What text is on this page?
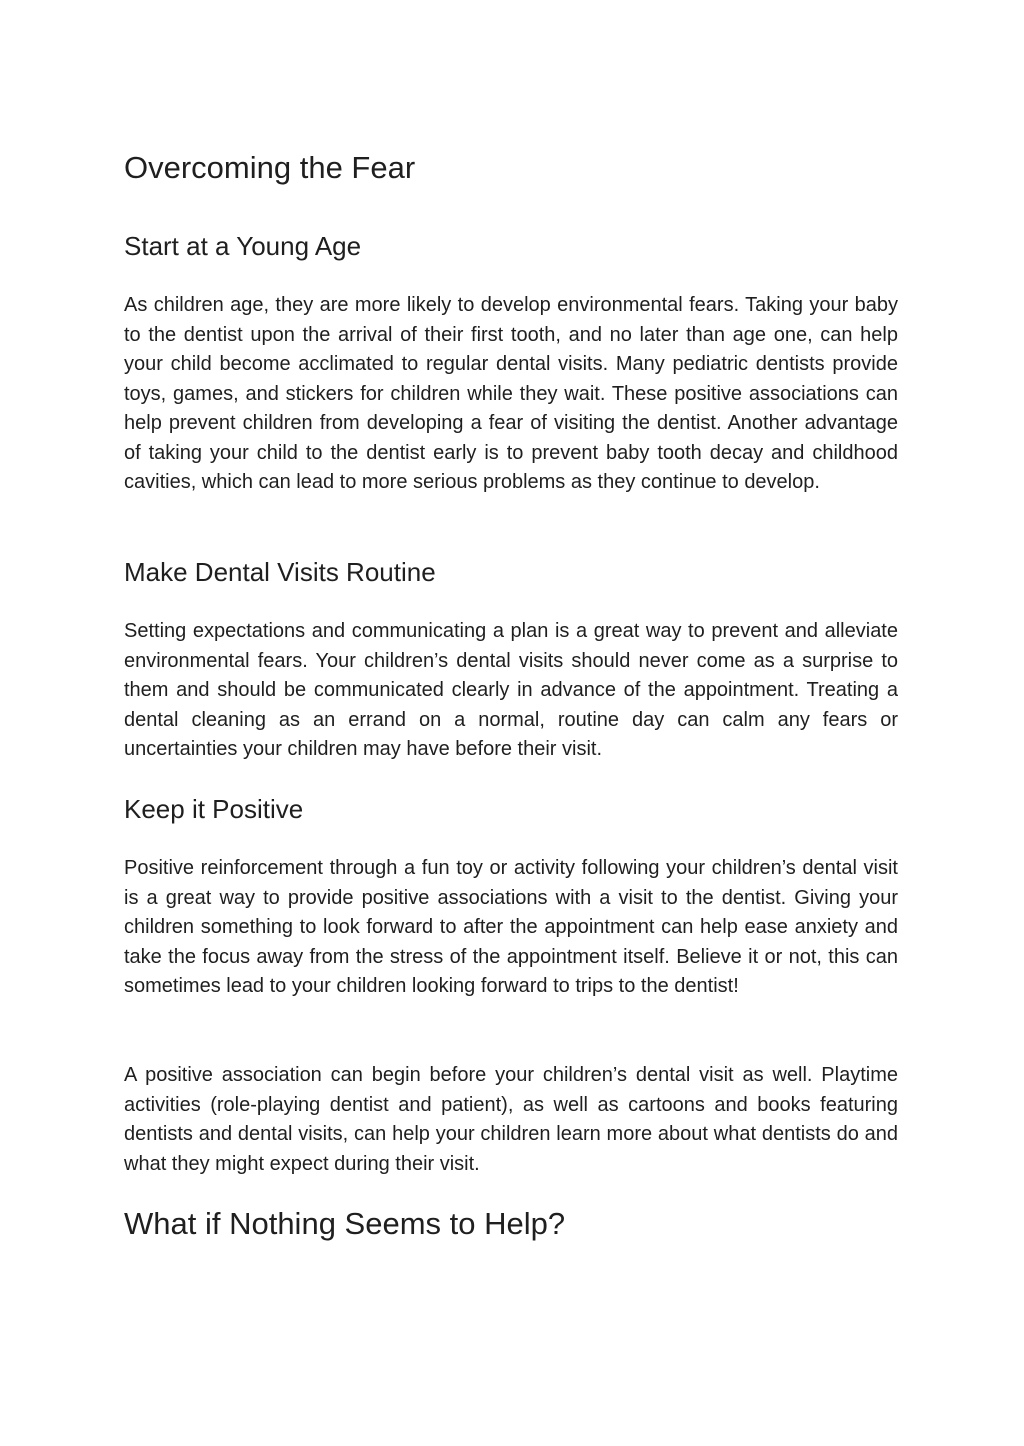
Overcoming the Fear
Start at a Young Age

As children age, they are more likely to develop environmental fears. Taking your baby to the dentist upon the arrival of their first tooth, and no later than age one, can help your child become acclimated to regular dental visits. Many pediatric dentists provide toys, games, and stickers for children while they wait. These positive associations can help prevent children from developing a fear of visiting the dentist. Another advantage of taking your child to the dentist early is to prevent baby tooth decay and childhood cavities, which can lead to more serious problems as they continue to develop.

Make Dental Visits Routine

Setting expectations and communicating a plan is a great way to prevent and alleviate environmental fears. Your children’s dental visits should never come as a surprise to them and should be communicated clearly in advance of the appointment. Treating a dental cleaning as an errand on a normal, routine day can calm any fears or uncertainties your children may have before their visit.

Keep it Positive

Positive reinforcement through a fun toy or activity following your children’s dental visit is a great way to provide positive associations with a visit to the dentist. Giving your children something to look forward to after the appointment can help ease anxiety and take the focus away from the stress of the appointment itself. Believe it or not, this can sometimes lead to your children looking forward to trips to the dentist!

A positive association can begin before your children’s dental visit as well. Playtime activities (role-playing dentist and patient), as well as cartoons and books featuring dentists and dental visits, can help your children learn more about what dentists do and what they might expect during their visit.

What if Nothing Seems to Help?
